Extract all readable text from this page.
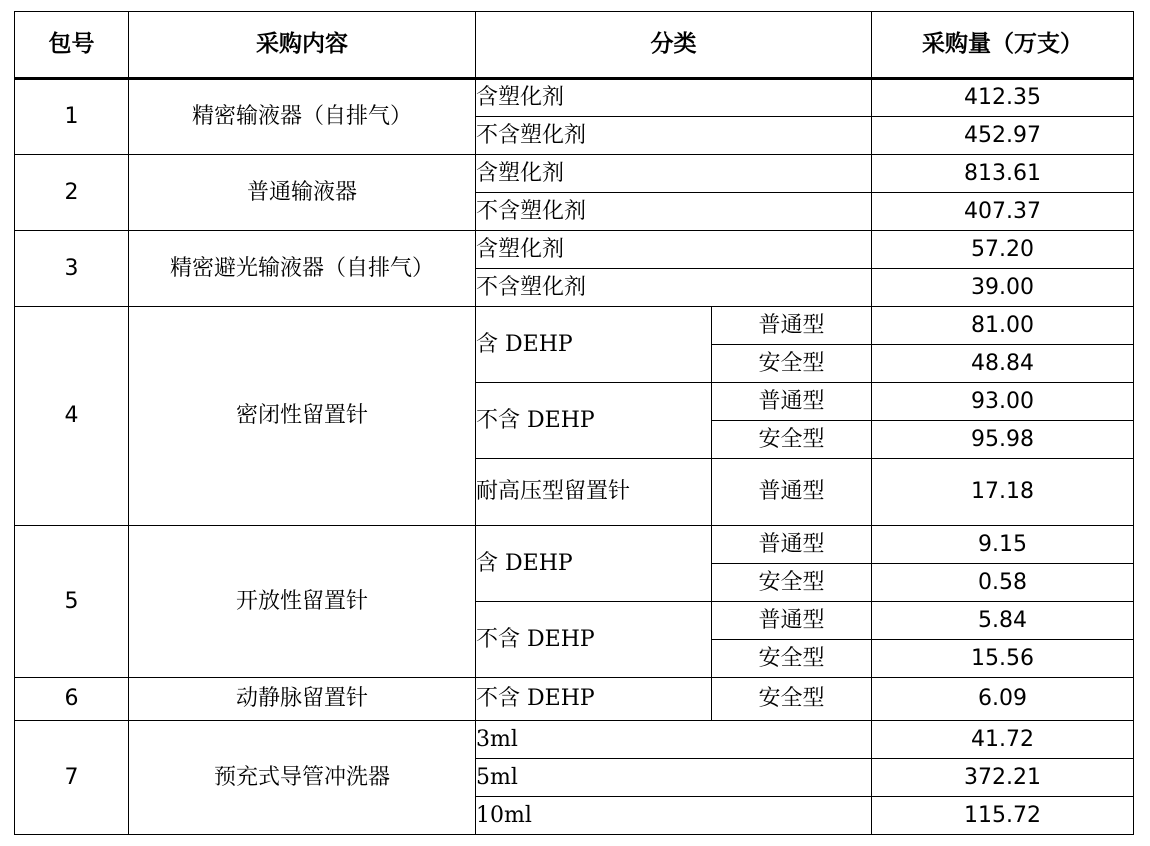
包号	采购内容	分类		采购量（万支）
1	精密输液器（自排气）	含塑化剂		412.35
		不含塑化剂		452.97
2	普通输液器	含塑化剂		813.61
		不含塑化剂		407.37
3	精密避光输液器（自排气）	含塑化剂		57.20
		不含塑化剂		39.00
4	密闭性留置针	含 DEHP	普通型	81.00
			安全型	48.84
		不含 DEHP	普通型	93.00
			安全型	95.98
		耐高压型留置针	普通型	17.18
5	开放性留置针	含 DEHP	普通型	9.15
			安全型	0.58
		不含 DEHP	普通型	5.84
			安全型	15.56
6	动静脉留置针	不含 DEHP	安全型	6.09
7	预充式导管冲洗器	3ml		41.72
		5ml		372.21
		10ml		115.72
